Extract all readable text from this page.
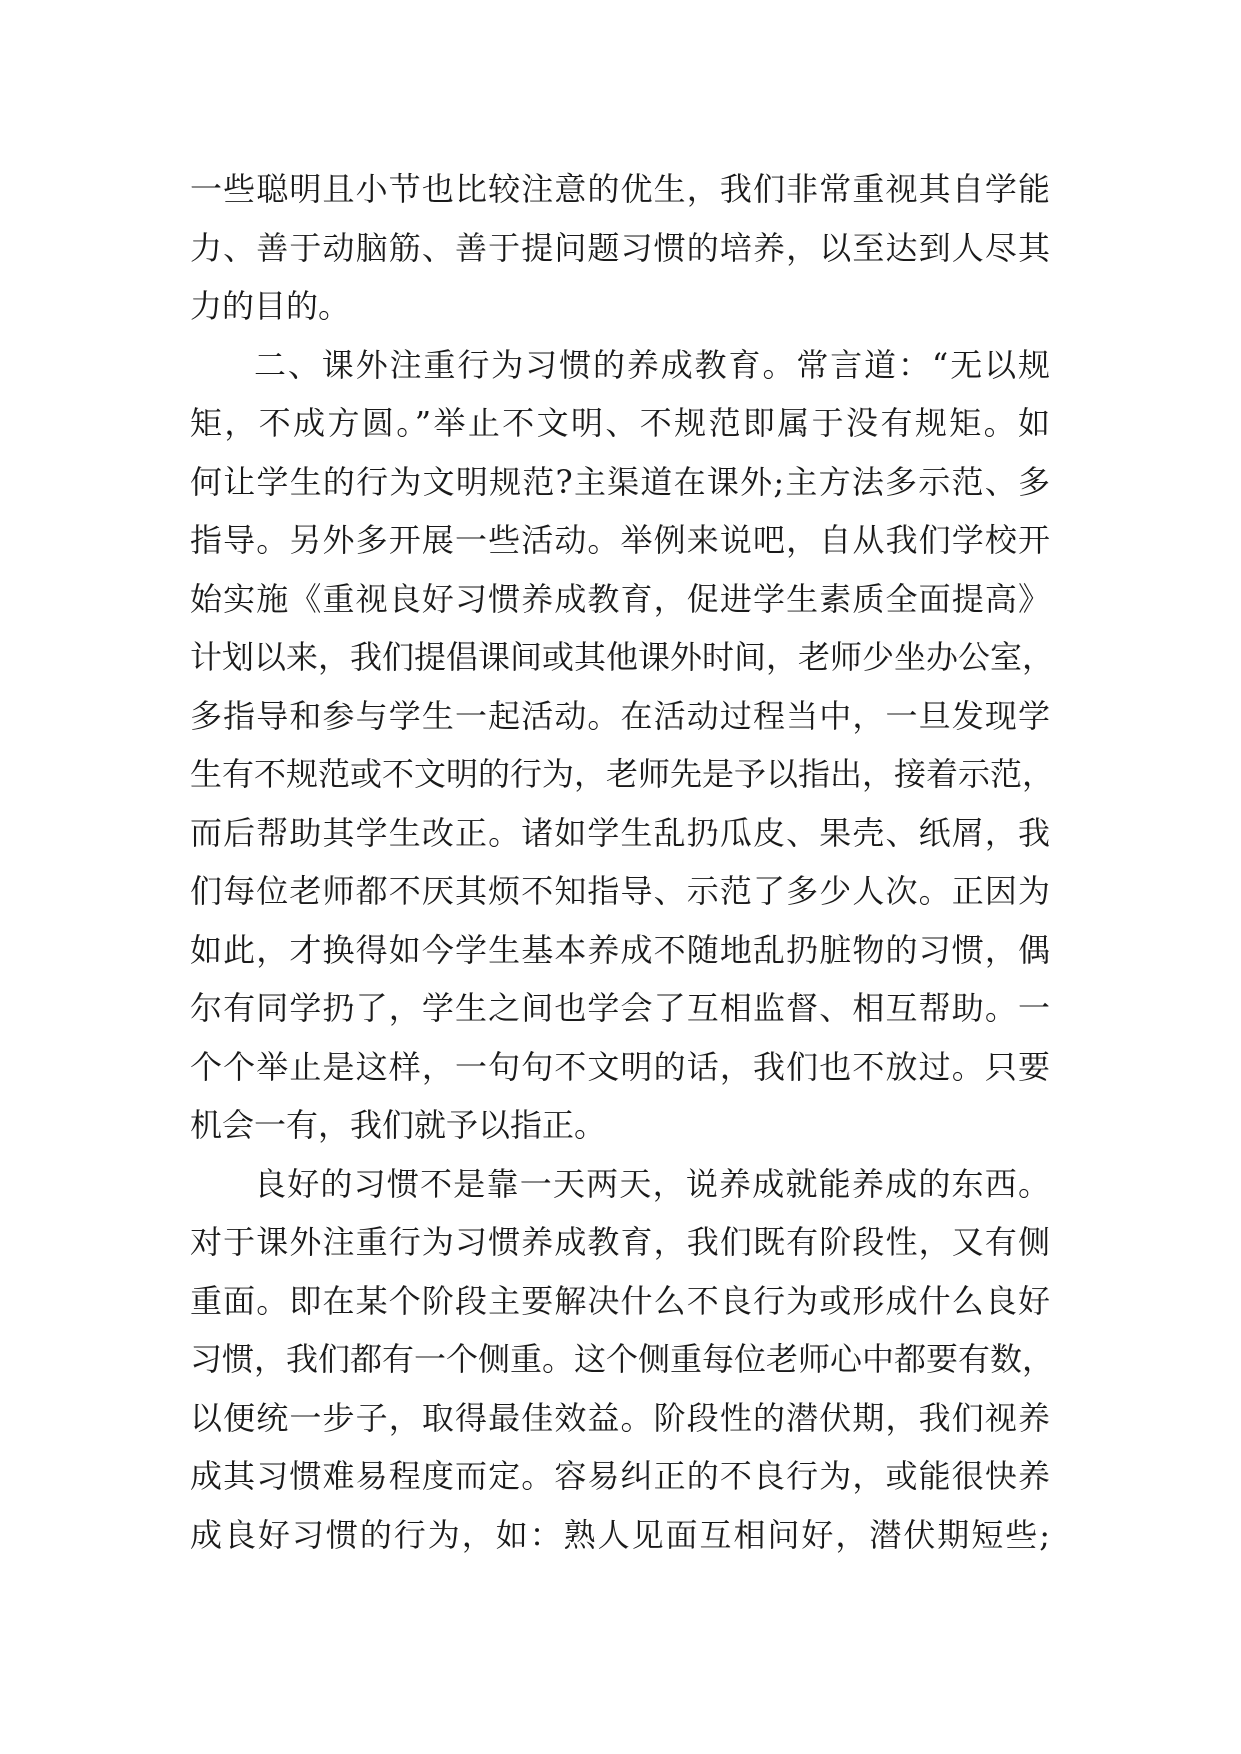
一些聪明且小节也比较注意的优生，我们非常重视其自学能
力、善于动脑筋、善于提问题习惯的培养，以至达到人尽其
力的目的。
二、课外注重行为习惯的养成教育。常言道：“无以规
矩，不成方圆。”举止不文明、不规范即属于没有规矩。如
何让学生的行为文明规范?主渠道在课外;主方法多示范、多
指导。另外多开展一些活动。举例来说吧，自从我们学校开
始实施《重视良好习惯养成教育，促进学生素质全面提高》
计划以来，我们提倡课间或其他课外时间，老师少坐办公室，
多指导和参与学生一起活动。在活动过程当中，一旦发现学
生有不规范或不文明的行为，老师先是予以指出，接着示范，
而后帮助其学生改正。诸如学生乱扔瓜皮、果壳、纸屑，我
们每位老师都不厌其烦不知指导、示范了多少人次。正因为
如此，才换得如今学生基本养成不随地乱扔脏物的习惯，偶
尔有同学扔了，学生之间也学会了互相监督、相互帮助。一
个个举止是这样，一句句不文明的话，我们也不放过。只要
机会一有，我们就予以指正。
良好的习惯不是靠一天两天，说养成就能养成的东西。
对于课外注重行为习惯养成教育，我们既有阶段性，又有侧
重面。即在某个阶段主要解决什么不良行为或形成什么良好
习惯，我们都有一个侧重。这个侧重每位老师心中都要有数，
以便统一步子，取得最佳效益。阶段性的潜伏期，我们视养
成其习惯难易程度而定。容易纠正的不良行为，或能很快养
成良好习惯的行为，如：熟人见面互相问好，潜伏期短些;
